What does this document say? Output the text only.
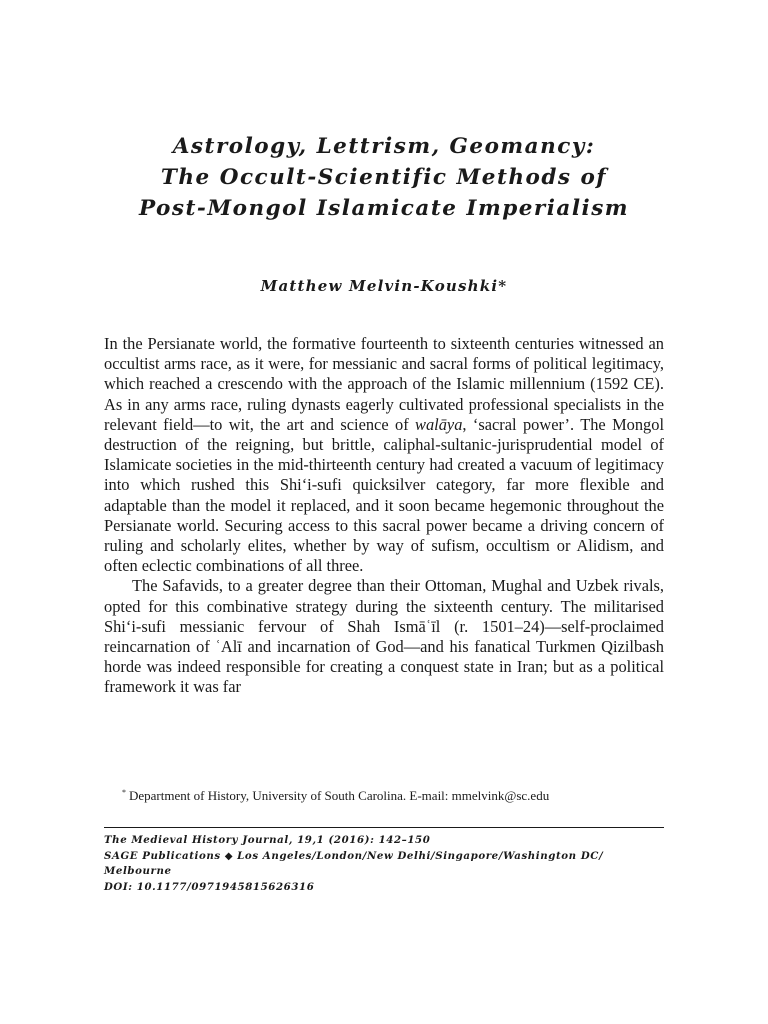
Astrology, Lettrism, Geomancy:
The Occult-Scientific Methods of
Post-Mongol Islamicate Imperialism
Matthew Melvin-Koushki*

In the Persianate world, the formative fourteenth to sixteenth centuries witnessed an occultist arms race, as it were, for messianic and sacral forms of political legitimacy, which reached a crescendo with the approach of the Islamic millennium (1592 CE). As in any arms race, ruling dynasts eagerly cultivated professional specialists in the relevant field—to wit, the art and science of walāya, ‘sacral power’. The Mongol destruction of the reigning, but brittle, caliphal-sultanic-jurisprudential model of Islamicate societies in the mid-thirteenth century had created a vacuum of legitimacy into which rushed this Shi‘i-sufi quicksilver category, far more flexible and adaptable than the model it replaced, and it soon became hegemonic throughout the Persianate world. Securing access to this sacral power became a driving concern of ruling and scholarly elites, whether by way of sufism, occultism or Alidism, and often eclectic combinations of all three.

The Safavids, to a greater degree than their Ottoman, Mughal and Uzbek rivals, opted for this combinative strategy during the sixteenth century. The militarised Shi‘i-sufi messianic fervour of Shah Ismāʿīl (r. 1501–24)—self-proclaimed reincarnation of ʿAlī and incarnation of God—and his fanatical Turkmen Qizilbash horde was indeed responsible for creating a conquest state in Iran; but as a political framework it was far

* Department of History, University of South Carolina. E-mail: mmelvink@sc.edu
The Medieval History Journal, 19,1 (2016): 142–150
SAGE Publications ◆ Los Angeles/London/New Delhi/Singapore/Washington DC/
Melbourne
DOI: 10.1177/0971945815626316
